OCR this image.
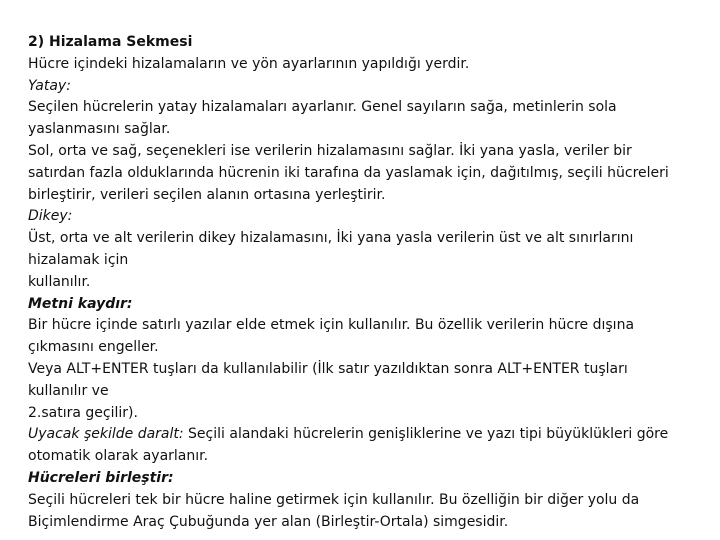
2) Hizalama Sekmesi
Hücre içindeki hizalamaların ve yön ayarlarının yapıldığı yerdir.
Yatay:
Seçilen hücrelerin yatay hizalamaları ayarlanır. Genel sayıların sağa, metinlerin sola
yaslanmasını sağlar.
Sol, orta ve sağ, seçenekleri ise verilerin hizalamasını sağlar. İki yana yasla, veriler bir
satırdan fazla olduklarında hücrenin iki tarafına da yaslamak için, dağıtılmış, seçili hücreleri
birleştirir, verileri seçilen alanın ortasına yerleştirir.
Dikey:
Üst, orta ve alt verilerin dikey hizalamasını, İki yana yasla verilerin üst ve alt sınırlarını
hizalamak için
kullanılır.
Metni kaydır:
Bir hücre içinde satırlı yazılar elde etmek için kullanılır. Bu özellik verilerin hücre dışına
çıkmasını engeller.
Veya ALT+ENTER tuşları da kullanılabilir (İlk satır yazıldıktan sonra ALT+ENTER tuşları
kullanılır ve
2.satıra geçilir).
Uyacak şekilde daralt: Seçili alandaki hücrelerin genişliklerine ve yazı tipi büyüklükleri göre
otomatik olarak ayarlanır.
Hücreleri birleştir:
Seçili hücreleri tek bir hücre haline getirmek için kullanılır. Bu özelliğin bir diğer yolu da
Biçimlendirme Araç Çubuğunda yer alan (Birleştir-Ortala) simgesidir.
